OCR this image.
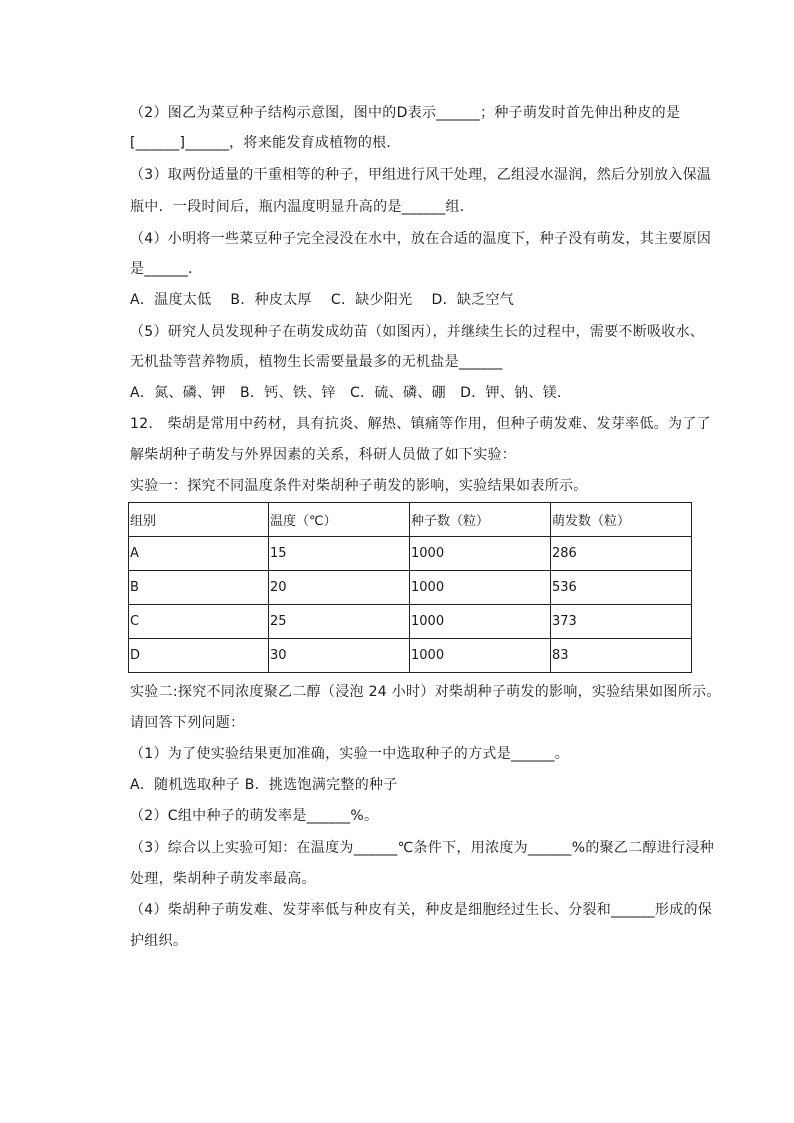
（2）图乙为菜豆种子结构示意图，图中的D表示______；种子萌发时首先伸出种皮的是
[______]______，将来能发育成植物的根．
（3）取两份适量的干重相等的种子，甲组进行风干处理，乙组浸水湿润，然后分别放入保温
瓶中．一段时间后，瓶内温度明显升高的是______组．
（4）小明将一些菜豆种子完全浸没在水中，放在合适的温度下，种子没有萌发，其主要原因
是______．
A．温度太低　 B．种皮太厚　 C．缺少阳光　 D．缺乏空气
（5）研究人员发现种子在萌发成幼苗（如图丙），并继续生长的过程中，需要不断吸收水、
无机盐等营养物质，植物生长需要量最多的无机盐是______
A．氮、磷、钾　B．钙、铁、锌　C．硫、磷、硼　D．钾、钠、镁．
12.　柴胡是常用中药材，具有抗炎、解热、镇痛等作用，但种子萌发难、发芽率低。为了了
解柴胡种子萌发与外界因素的关系，科研人员做了如下实验：
实验一：探究不同温度条件对柴胡种子萌发的影响，实验结果如表所示。
组别	温度（℃）	种子数（粒）	萌发数（粒）
A	15	1000	286
B	20	1000	536
C	25	1000	373
D	30	1000	83
实验二:探究不同浓度聚乙二醇（浸泡 24 小时）对柴胡种子萌发的影响，实验结果如图所示。
请回答下列问题：
（1）为了使实验结果更加准确，实验一中选取种子的方式是______。
A．随机选取种子 B．挑选饱满完整的种子
（2）C组中种子的萌发率是______%。
（3）综合以上实验可知：在温度为______℃条件下，用浓度为______%的聚乙二醇进行浸种
处理，柴胡种子萌发率最高。
（4）柴胡种子萌发难、发芽率低与种皮有关，种皮是细胞经过生长、分裂和______形成的保
护组织。
